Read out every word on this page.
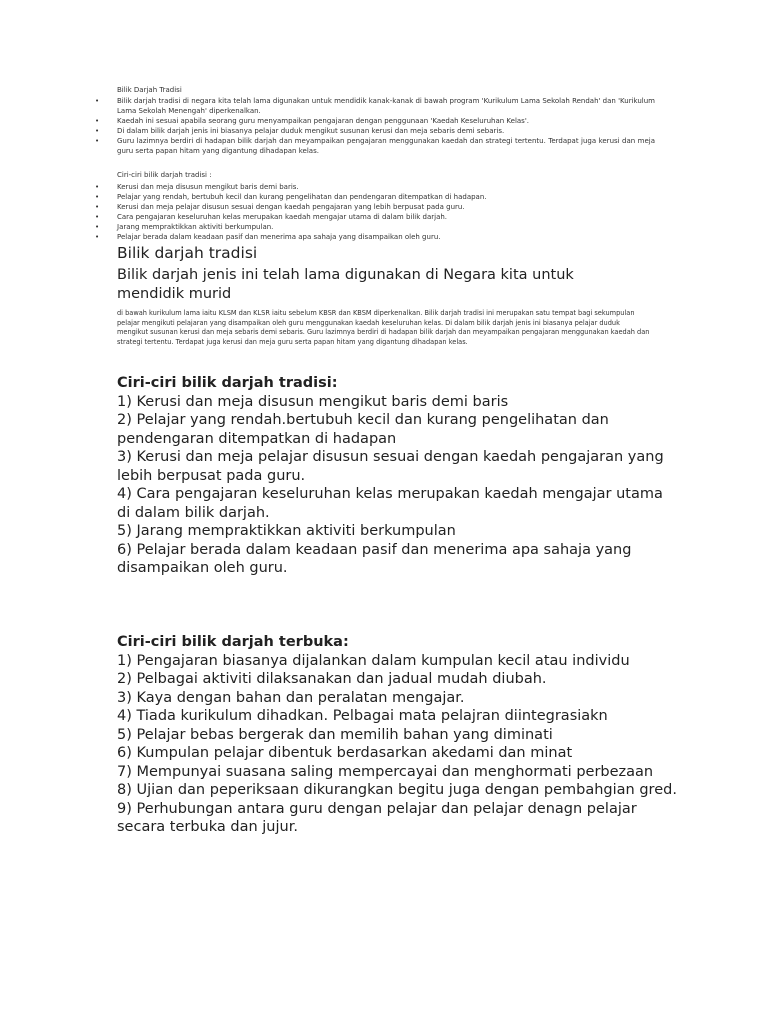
Bilik Darjah Tradisi
• Bilik darjah tradisi di negara kita telah lama digunakan untuk mendidik kanak-kanak di bawah program 'Kurikulum Lama Sekolah Rendah' dan 'Kurikulum Lama Sekolah Menengah' diperkenalkan.
• Kaedah ini sesuai apabila seorang guru menyampaikan pengajaran dengan penggunaan 'Kaedah Keseluruhan Kelas'.
• Di dalam bilik darjah jenis ini biasanya pelajar duduk mengikut susunan kerusi dan meja sebaris demi sebaris.
• Guru lazimnya berdiri di hadapan bilik darjah dan meyampaikan pengajaran menggunakan kaedah dan strategi tertentu. Terdapat juga kerusi dan meja guru serta papan hitam yang digantung dihadapan kelas.
Ciri-ciri bilik darjah tradisi :
• Kerusi dan meja disusun mengikut baris demi baris.
• Pelajar yang rendah, bertubuh kecil dan kurang pengelihatan dan pendengaran ditempatkan di hadapan.
• Kerusi dan meja pelajar disusun sesuai dengan kaedah pengajaran yang lebih berpusat pada guru.
• Cara pengajaran keseluruhan kelas merupakan kaedah mengajar utama di dalam bilik darjah.
• Jarang mempraktikkan aktiviti berkumpulan.
• Pelajar berada dalam keadaan pasif dan menerima apa sahaja yang disampaikan oleh guru.
Bilik darjah tradisi
Bilik darjah jenis ini telah lama digunakan di Negara kita untuk mendidik murid
di bawah kurikulum lama iaitu KLSM dan KLSR iaitu sebelum KBSR dan KBSM diperkenalkan. Bilik darjah tradisi ini merupakan satu tempat bagi sekumpulan pelajar mengikuti pelajaran yang disampaikan oleh guru menggunakan kaedah keseluruhan kelas. Di dalam bilik darjah jenis ini biasanya pelajar duduk mengikut susunan kerusi dan meja sebaris demi sebaris. Guru lazimnya berdiri di hadapan bilik darjah dan meyampaikan pengajaran menggunakan kaedah dan strategi tertentu. Terdapat juga kerusi dan meja guru serta papan hitam yang digantung dihadapan kelas.
Ciri-ciri bilik darjah tradisi:
1) Kerusi dan meja disusun mengikut baris demi baris
2) Pelajar yang rendah.bertubuh kecil dan kurang pengelihatan dan pendengaran ditempatkan di hadapan
3) Kerusi dan meja pelajar disusun sesuai dengan kaedah pengajaran yang lebih berpusat pada guru.
4) Cara pengajaran keseluruhan kelas merupakan kaedah mengajar utama di dalam bilik darjah.
5) Jarang mempraktikkan aktiviti berkumpulan
6) Pelajar berada dalam keadaan pasif dan menerima apa sahaja yang disampaikan oleh guru.
Ciri-ciri bilik darjah terbuka:
1) Pengajaran biasanya dijalankan dalam kumpulan kecil atau individu
2) Pelbagai aktiviti dilaksanakan dan jadual mudah diubah.
3) Kaya dengan bahan dan peralatan mengajar.
4) Tiada kurikulum dihadkan. Pelbagai mata pelajran diintegrasiakn
5) Pelajar bebas bergerak dan memilih bahan yang diminati
6) Kumpulan pelajar dibentuk berdasarkan akedami dan minat
7) Mempunyai suasana saling mempercayai dan menghormati perbezaan
8) Ujian dan peperiksaan dikurangkan begitu juga dengan pembahgian gred.
9) Perhubungan antara guru dengan pelajar dan pelajar denagn pelajar secara terbuka dan jujur.
